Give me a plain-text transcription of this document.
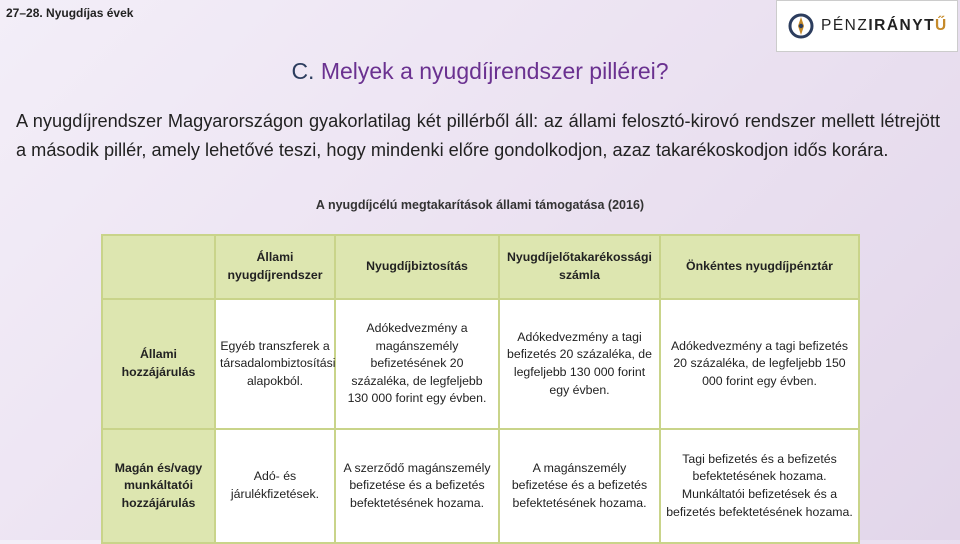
27–28. Nyugdíjas évek
PÉNZIRÁNYTŰ
C. Melyek a nyugdíjrendszer pillérei?
A nyugdíjrendszer Magyarországon gyakorlatilag két pillérből áll: az állami felosztó-kirovó rendszer mellett létrejött a második pillér, amely lehetővé teszi, hogy mindenki előre gondolkodjon, azaz takarékoskodjon idős korára.
A nyugdíjcélú megtakarítások állami támogatása (2016)
	Állami nyugdíjrendszer	Nyugdíjbiztosítás	Nyugdíjelőtakarékossági számla	Önkéntes nyugdíjpénztár
Állami hozzájárulás	Egyéb transzferek a társadalombiztosítási alapokból.	Adókedvezmény a magánszemély befizetésének 20 százaléka, de legfeljebb 130 000 forint egy évben.	Adókedvezmény a tagi befizetés 20 százaléka, de legfeljebb 130 000 forint egy évben.	Adókedvezmény a tagi befizetés 20 százaléka, de legfeljebb 150 000 forint egy évben.
Magán és/vagy munkáltatói hozzájárulás	Adó- és járulékfizetések.	A szerződő magánszemély befizetése és a befizetés befektetésének hozama.	A magánszemély befizetése és a befizetés befektetésének hozama.	Tagi befizetés és a befizetés befektetésének hozama. Munkáltatói befizetések és a befizetés befektetésének hozama.
